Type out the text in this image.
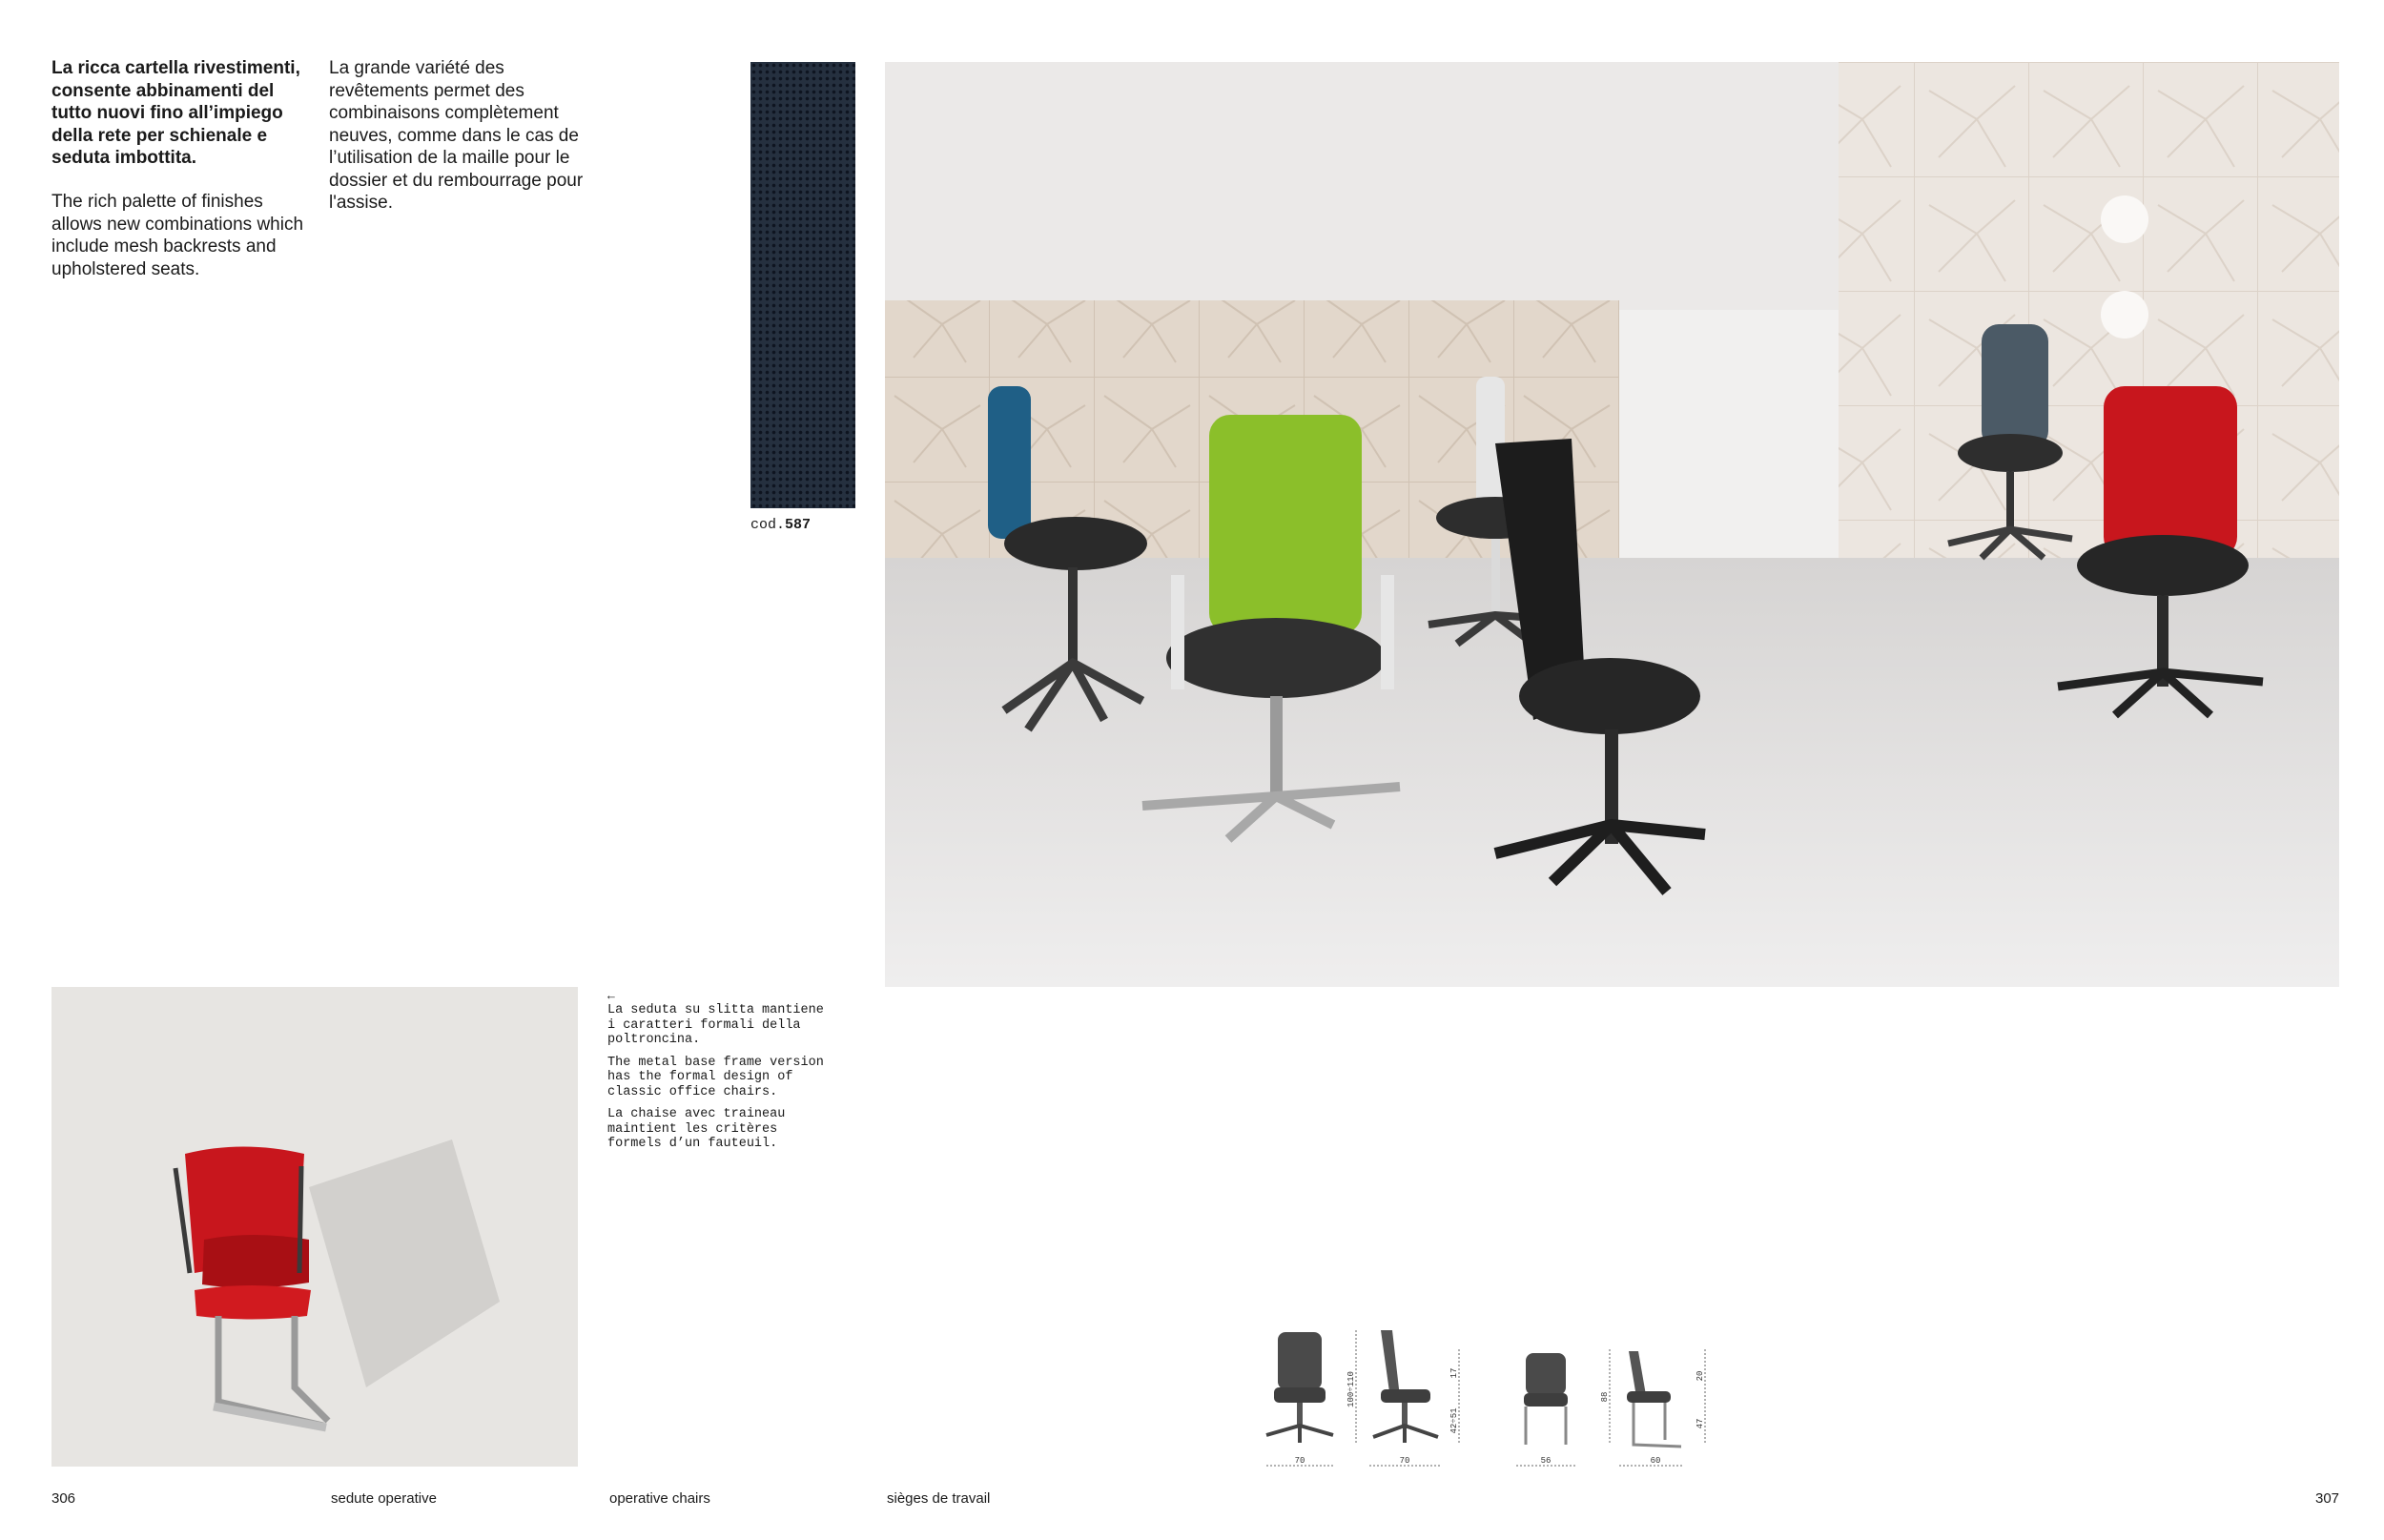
La ricca cartella rivestimenti, consente abbinamenti del tutto nuovi fino all’impiego della rete per schienale e seduta imbottita.
The rich palette of finishes allows new combinations which include mesh backrests and upholstered seats.
La grande variété des revêtements permet des combinaisons complètement neuves, comme dans le cas de l’utilisation de la maille pour le dossier et du rembourrage pour l'assise.
cod.587
←

La seduta su slitta mantiene i caratteri formali della poltroncina.

The metal base frame version has the formal design of classic office chairs.

La chaise avec traineau maintient les critères formels d’un fauteuil.

70
100÷110
70
17
42÷51
56
88
60
20
47
306	sedute operative	operative chairs	sièges de travail	307
